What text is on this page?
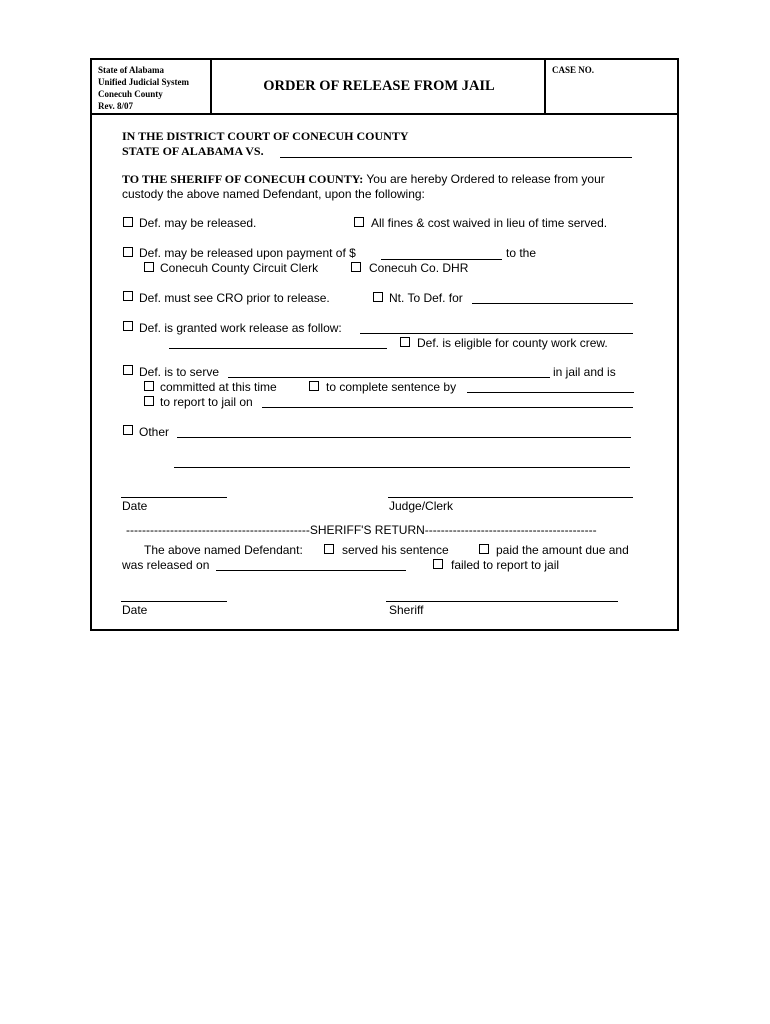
State of Alabama
Unified Judicial System
Conecuh County
Rev. 8/07
ORDER OF RELEASE FROM JAIL
CASE NO.
IN THE DISTRICT COURT OF CONECUH COUNTY
STATE OF ALABAMA VS.
TO THE SHERIFF OF CONECUH COUNTY: You are hereby Ordered to release from your
custody the above named Defendant, upon the following:
Def. may be released.	All fines & cost waived in lieu of time served.
Def. may be released upon payment of $	to the
Conecuh County Circuit Clerk	Conecuh Co. DHR
Def. must see CRO prior to release.	Nt. To Def. for
Def. is granted work release as follow:
Def. is eligible for county work crew.
Def. is to serve	in jail and is
committed at this time	to complete sentence by
to report to jail on
Other
Date	Judge/Clerk
----------------------------------------------SHERIFF'S RETURN-------------------------------------------
The above named Defendant:	served his sentence	paid the amount due and
was released on	failed to report to jail
Date	Sheriff
